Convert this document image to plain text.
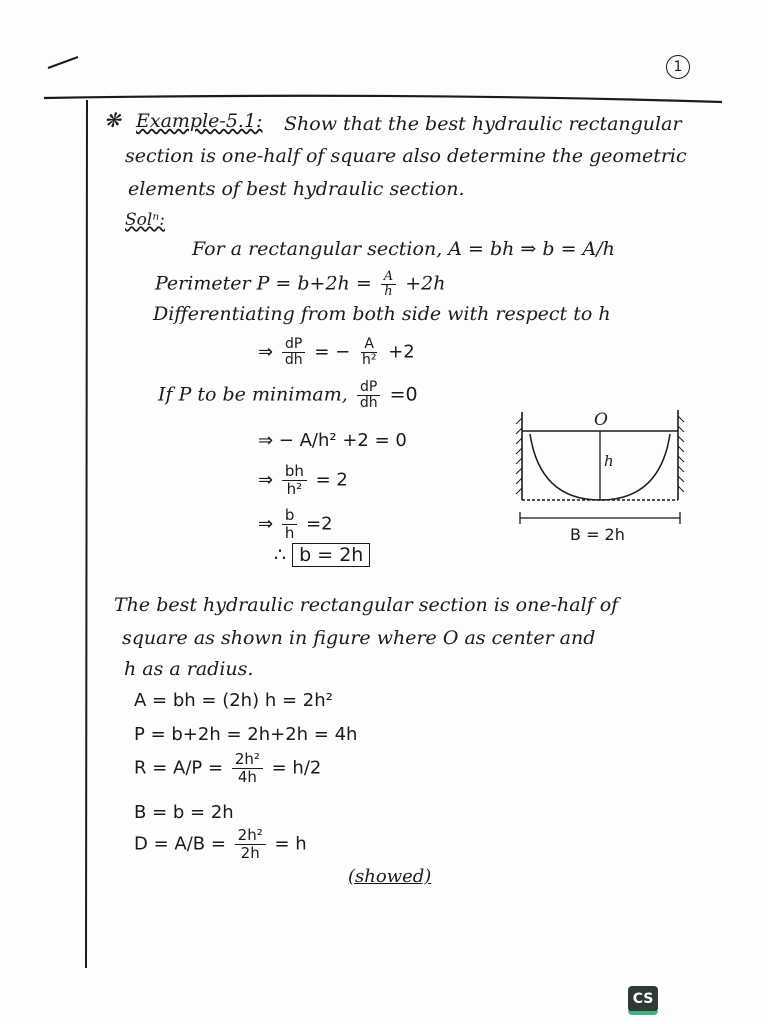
1
❋ Example-5.1: Show that the best hydraulic rectangular
section is one-half of square also determine the geometric
elements of best hydraulic section.
Solⁿ:
For a rectangular section, A = bh ⇒ b = A/h
Perimeter $P = b+2h = \frac{A}{h} +2h$
Differentiating from both side with respect to h
⇒ $\frac{dP}{dh}$ = − $\frac{A}{\text{h²}} +2$
If P to be minimam, $\frac{dP}{dh} =0$
⇒ − A/h² +2 = 0
⇒ $\frac{bh}{\text{h²}} = 2$
⇒ $\frac{b}{h} =2$
∴ b = 2h
O
h
B = 2h
The best hydraulic rectangular section is one-half of
square as shown in figure where O as center and
h as a radius.
A = bh = (2h) h = 2h²
P = b+2h = 2h+2h = 4h
$R = A/P = \frac{\text{2h²}}{4h} = h/2$
B = b = 2h
$D = A/B = \frac{\text{2h²}}{2h} = h$
(showed)
CS
